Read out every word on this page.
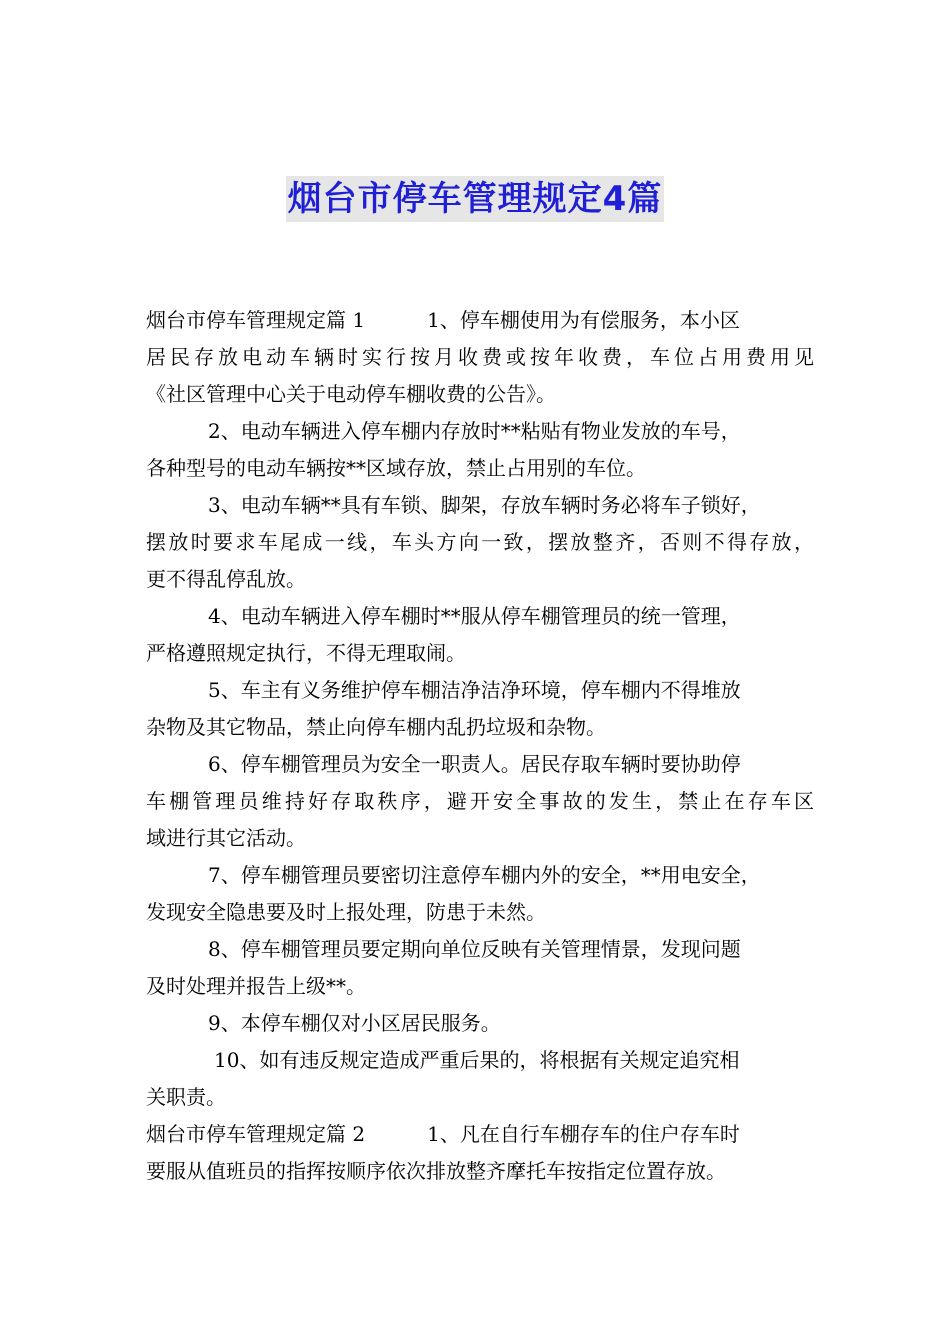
烟台市停车管理规定4篇
烟台市停车管理规定篇 1	1、停车棚使用为有偿服务，本小区
居民存放电动车辆时实行按月收费或按年收费，车位占用费用见
《社区管理中心关于电动停车棚收费的公告》。
2、电动车辆进入停车棚内存放时**粘贴有物业发放的车号，
各种型号的电动车辆按**区域存放，禁止占用别的车位。
3、电动车辆**具有车锁、脚架，存放车辆时务必将车子锁好，
摆放时要求车尾成一线，车头方向一致，摆放整齐，否则不得存放，
更不得乱停乱放。
4、电动车辆进入停车棚时**服从停车棚管理员的统一管理，
严格遵照规定执行，不得无理取闹。
5、车主有义务维护停车棚洁净洁净环境，停车棚内不得堆放
杂物及其它物品，禁止向停车棚内乱扔垃圾和杂物。
6、停车棚管理员为安全一职责人。居民存取车辆时要协助停
车棚管理员维持好存取秩序，避开安全事故的发生，禁止在存车区
域进行其它活动。
7、停车棚管理员要密切注意停车棚内外的安全，**用电安全，
发现安全隐患要及时上报处理，防患于未然。
8、停车棚管理员要定期向单位反映有关管理情景，发现问题
及时处理并报告上级**。
9、本停车棚仅对小区居民服务。
10、如有违反规定造成严重后果的，将根据有关规定追究相
关职责。
烟台市停车管理规定篇 2	1、凡在自行车棚存车的住户存车时
要服从值班员的指挥按顺序依次排放整齐摩托车按指定位置存放。
